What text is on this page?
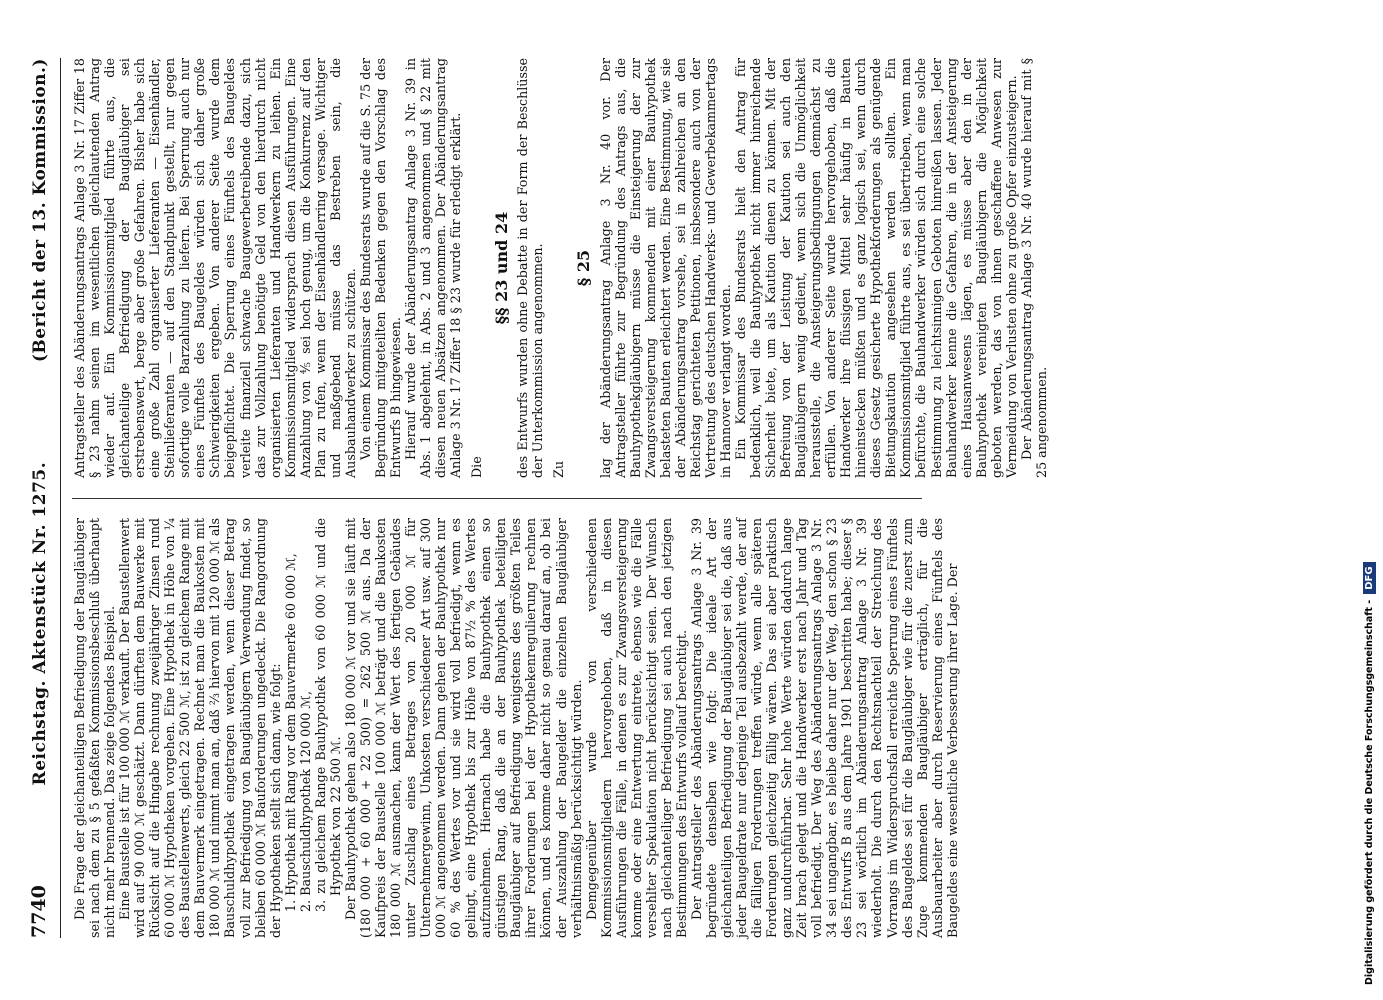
7740
Reichstag. Aktenstück Nr. 1275.
(Bericht der 13. Kommission.)

Die Frage der gleichanteiligen Befriedigung der Baugläubiger sei nach dem zu § 5 gefaßten Kommissionsbeschluß überhaupt nicht mehr brennend. Das zeige folgendes Beispiel. Eine Baustelle ist für 100 000 ℳ verkauft. Der Baustellenwert wird auf 90 000 ℳ geschätzt. Dann dürften dem Bauwerke mit Rücksicht auf die Hingabe rechnung zweijähriger Zinsen rund 60 000 ℳ Hypotheken vorgehen. Eine Hypothek in Höhe von ¼ des Baustellenwerts, gleich 22 500 ℳ, ist zu gleichem Range mit dem Bauvermerk eingetragen. Rechnet man die Baukosten mit 180 000 ℳ und nimmt man an, daß ⅔ hiervon mit 120 000 ℳ als Bauschuldhypothek eingetragen werden, wenn dieser Betrag voll zur Befriedigung von Baugläubigern Verwendung findet, so bleiben 60 000 ℳ Bauforderungen ungedeckt. Die Rangordnung der Hypotheken stellt sich dann, wie folgt: 1. Hypothek mit Rang vor dem Bauvermerke 60 000 ℳ, 2. Bauschuldhypothek 120 000 ℳ, 3. zu gleichem Range Bauhypothek von 60 000 ℳ und die Hypothek von 22 500 ℳ. Der Bauhypothek gehen also 180 000 ℳ vor und sie läuft mit (180 000 + 60 000 + 22 500) = 262 500 ℳ aus. Da der Kaufpreis der Baustelle 100 000 ℳ beträgt und die Baukosten 180 000 ℳ ausmachen, kann der Wert des fertigen Gebäudes unter Zuschlag eines Betrages von 20 000 ℳ für Unternehmergewinn, Unkosten verschiedener Art usw. auf 300 000 ℳ angenommen werden. Dann gehen der Bauhypothek nur 60 % des Wertes vor und sie wird voll befriedigt, wenn es gelingt, eine Hypothek bis zur Höhe von 87½ % des Wertes aufzunehmen. Hiernach habe die Bauhypothek einen so günstigen Rang, daß die an der Bauhypothek beteiligten Baugläubiger auf Befriedigung wenigstens des größten Teiles ihrer Forderungen bei der Hypothekenregulierung rechnen können, und es komme daher nicht so genau darauf an, ob bei der Auszahlung der Baugelder die einzelnen Baugläubiger verhältnismäßig berücksichtigt würden. Demgegenüber wurde von verschiedenen Kommissionsmitgliedern hervorgehoben, daß in diesen Ausführungen die Fälle, in denen es zur Zwangsversteigerung komme oder eine Entwertung eintrete, ebenso wie die Fälle versehlter Spekulation nicht berücksichtigt seien. Der Wunsch nach gleichanteiliger Befriedigung sei auch nach den jetzigen Bestimmungen des Entwurfs vollauf berechtigt. Der Antragsteller des Abänderungsantrags Anlage 3 Nr. 39 begründete denselben wie folgt: Die ideale Art der gleichanteiligen Befriedigung der Baugläubiger sei die, daß aus jeder Baugeldrate nur derjenige Teil ausbezahlt werde, der auf die fälligen Forderungen treffen würde, wenn alle späteren Forderungen gleichzeitig fällig wären. Das sei aber praktisch ganz undurchführbar. Sehr hohe Werte würden dadurch lange Zeit brach gelegt und die Handwerker erst nach Jahr und Tag voll befriedigt. Der Weg des Abänderungsantrags Anlage 3 Nr. 34 sei ungangbar, es bleibe daher nur der Weg, den schon § 23 des Entwurfs B aus dem Jahre 1901 beschritten habe; dieser § 23 sei wörtlich im Abänderungsantrag Anlage 3 Nr. 39 wiederholt. Die durch den Rechtsnachteil der Streichung des Vorrangs im Widerspruchsfall erreichte Sperrung eines Fünftels des Baugeldes sei für die Baugläubiger wie für die zuerst zum Zuge kommenden Baugläubiger erträglich, für die Ausbauarbeiter aber durch Reservierung eines Fünftels des Baugeldes eine wesentliche Verbesserung ihrer Lage. Der

Antragsteller des Abänderungsantrags Anlage 3 Nr. 17 Ziffer 18 § 23 nahm seinen im wesentlichen gleichlautenden Antrag wieder auf. Ein Kommissionsmitglied führte aus, die gleichanteilige Befriedigung der Baugläubiger sei erstrebenswert, berge aber große Gefahren. Bisher habe sich eine große Zahl organisierter Lieferanten — Eisenhändler, Steinlieferanten — auf den Standpunkt gestellt, nur gegen sofortige volle Barzahlung zu liefern. Bei Sperrung auch nur eines Fünftels des Baugeldes würden sich daher große Schwierigkeiten ergeben. Von anderer Seite wurde dem beigepflichtet. Die Sperrung eines Fünftels des Baugeldes verleite finanziell schwache Baugewerbetreibende dazu, sich das zur Vollzahlung benötigte Geld von den hierdurch nicht organisierten Lieferanten und Handwerkern zu leihen. Ein Kommissionsmitglied widersprach diesen Ausführungen. Eine Anzahlung von ⅘ sei hoch genug, um die Konkurrenz auf den Plan zu rufen, wenn der Eisenhändlerring versage. Wichtiger und maßgebend müsse das Bestreben sein, die Ausbauhandwerker zu schützen. Von einem Kommissar des Bundesrats wurde auf die S. 75 der Begründung mitgeteilten Bedenken gegen den Vorschlag des Entwurfs B hingewiesen. Hierauf wurde der Abänderungsantrag Anlage 3 Nr. 39 in Abs. 1 abgelehnt, in Abs. 2 und 3 angenommen und § 22 mit diesen neuen Absätzen angenommen. Der Abänderungsantrag Anlage 3 Nr. 17 Ziffer 18 § 23 wurde für erledigt erklärt. Die

§§ 23 und 24 des Entwurfs wurden ohne Debatte in der Form der Beschlüsse der Unterkommission angenommen. Zu

§ 25 lag der Abänderungsantrag Anlage 3 Nr. 40 vor. Der Antragsteller führte zur Begründung des Antrags aus, die Bauhypothekgläubigern müsse die Einsteigerung der zur Zwangsversteigerung kommenden mit einer Bauhypothek belasteten Bauten erleichtert werden. Eine Bestimmung, wie sie der Abänderungsantrag vorsehe, sei in zahlreichen an den Reichstag gerichteten Petitionen, insbesondere auch von der Vertretung des deutschen Handwerks- und Gewerbekammertags in Hannover verlangt worden. Ein Kommissar des Bundesrats hielt den Antrag für bedenklich, weil die Bauhypothek nicht immer hinreichende Sicherheit biete, um als Kaution dienen zu können. Mit der Befreiung von der Leistung der Kaution sei auch den Baugläubigern wenig gedient, wenn sich die Unmöglichkeit herausstelle, die Ansteigerungsbedingungen demnächst zu erfüllen. Von anderer Seite wurde hervorgehoben, daß die Handwerker ihre flüssigen Mittel sehr häufig in Bauten hineinstecken müßten und es ganz logisch sei, wenn durch dieses Gesetz gesicherte Hypothekforderungen als genügende Bietungskaution angesehen werden sollten. Ein Kommissionsmitglied führte aus, es sei übertrieben, wenn man befürchte, die Bauhandwerker würden sich durch eine solche Bestimmung zu leichtsinnigen Geboten hinreißen lassen. Jeder Bauhandwerker kenne die Gefahren, die in der Ansteigerung eines Hausanwesens lägen, es müsse aber den in der Bauhypothek vereinigten Baugläubigern die Möglichkeit geboten werden, das von ihnen geschaffene Anwesen zur Vermeidung von Verlusten ohne zu große Opfer einzusteigern. Der Abänderungsantrag Anlage 3 Nr. 40 wurde hierauf mit § 25 angenommen.

Digitalisierung gefördert durch die Deutsche Forschungsgemeinschaft -
DFG
